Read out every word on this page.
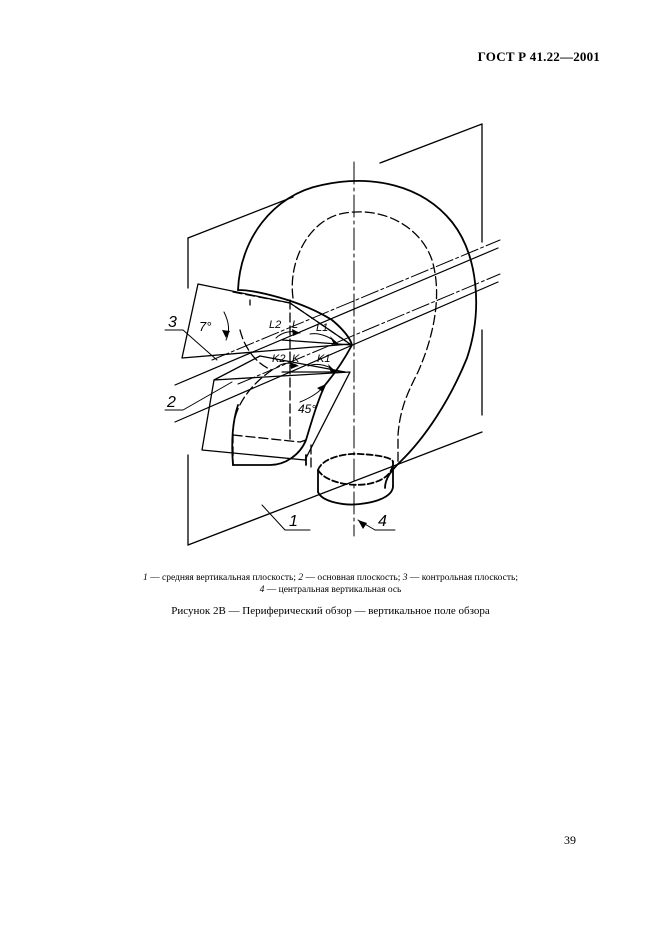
ГОСТ Р 41.22—2001
7°	L2 L L1
K2 K K1
45°
3
2
1	4
1 — средняя вертикальная плоскость; 2 — основная плоскость; 3 — контрольная плоскость;
4 — центральная вертикальная ось
Рисунок 2В — Периферический обзор — вертикальное поле обзора
39
